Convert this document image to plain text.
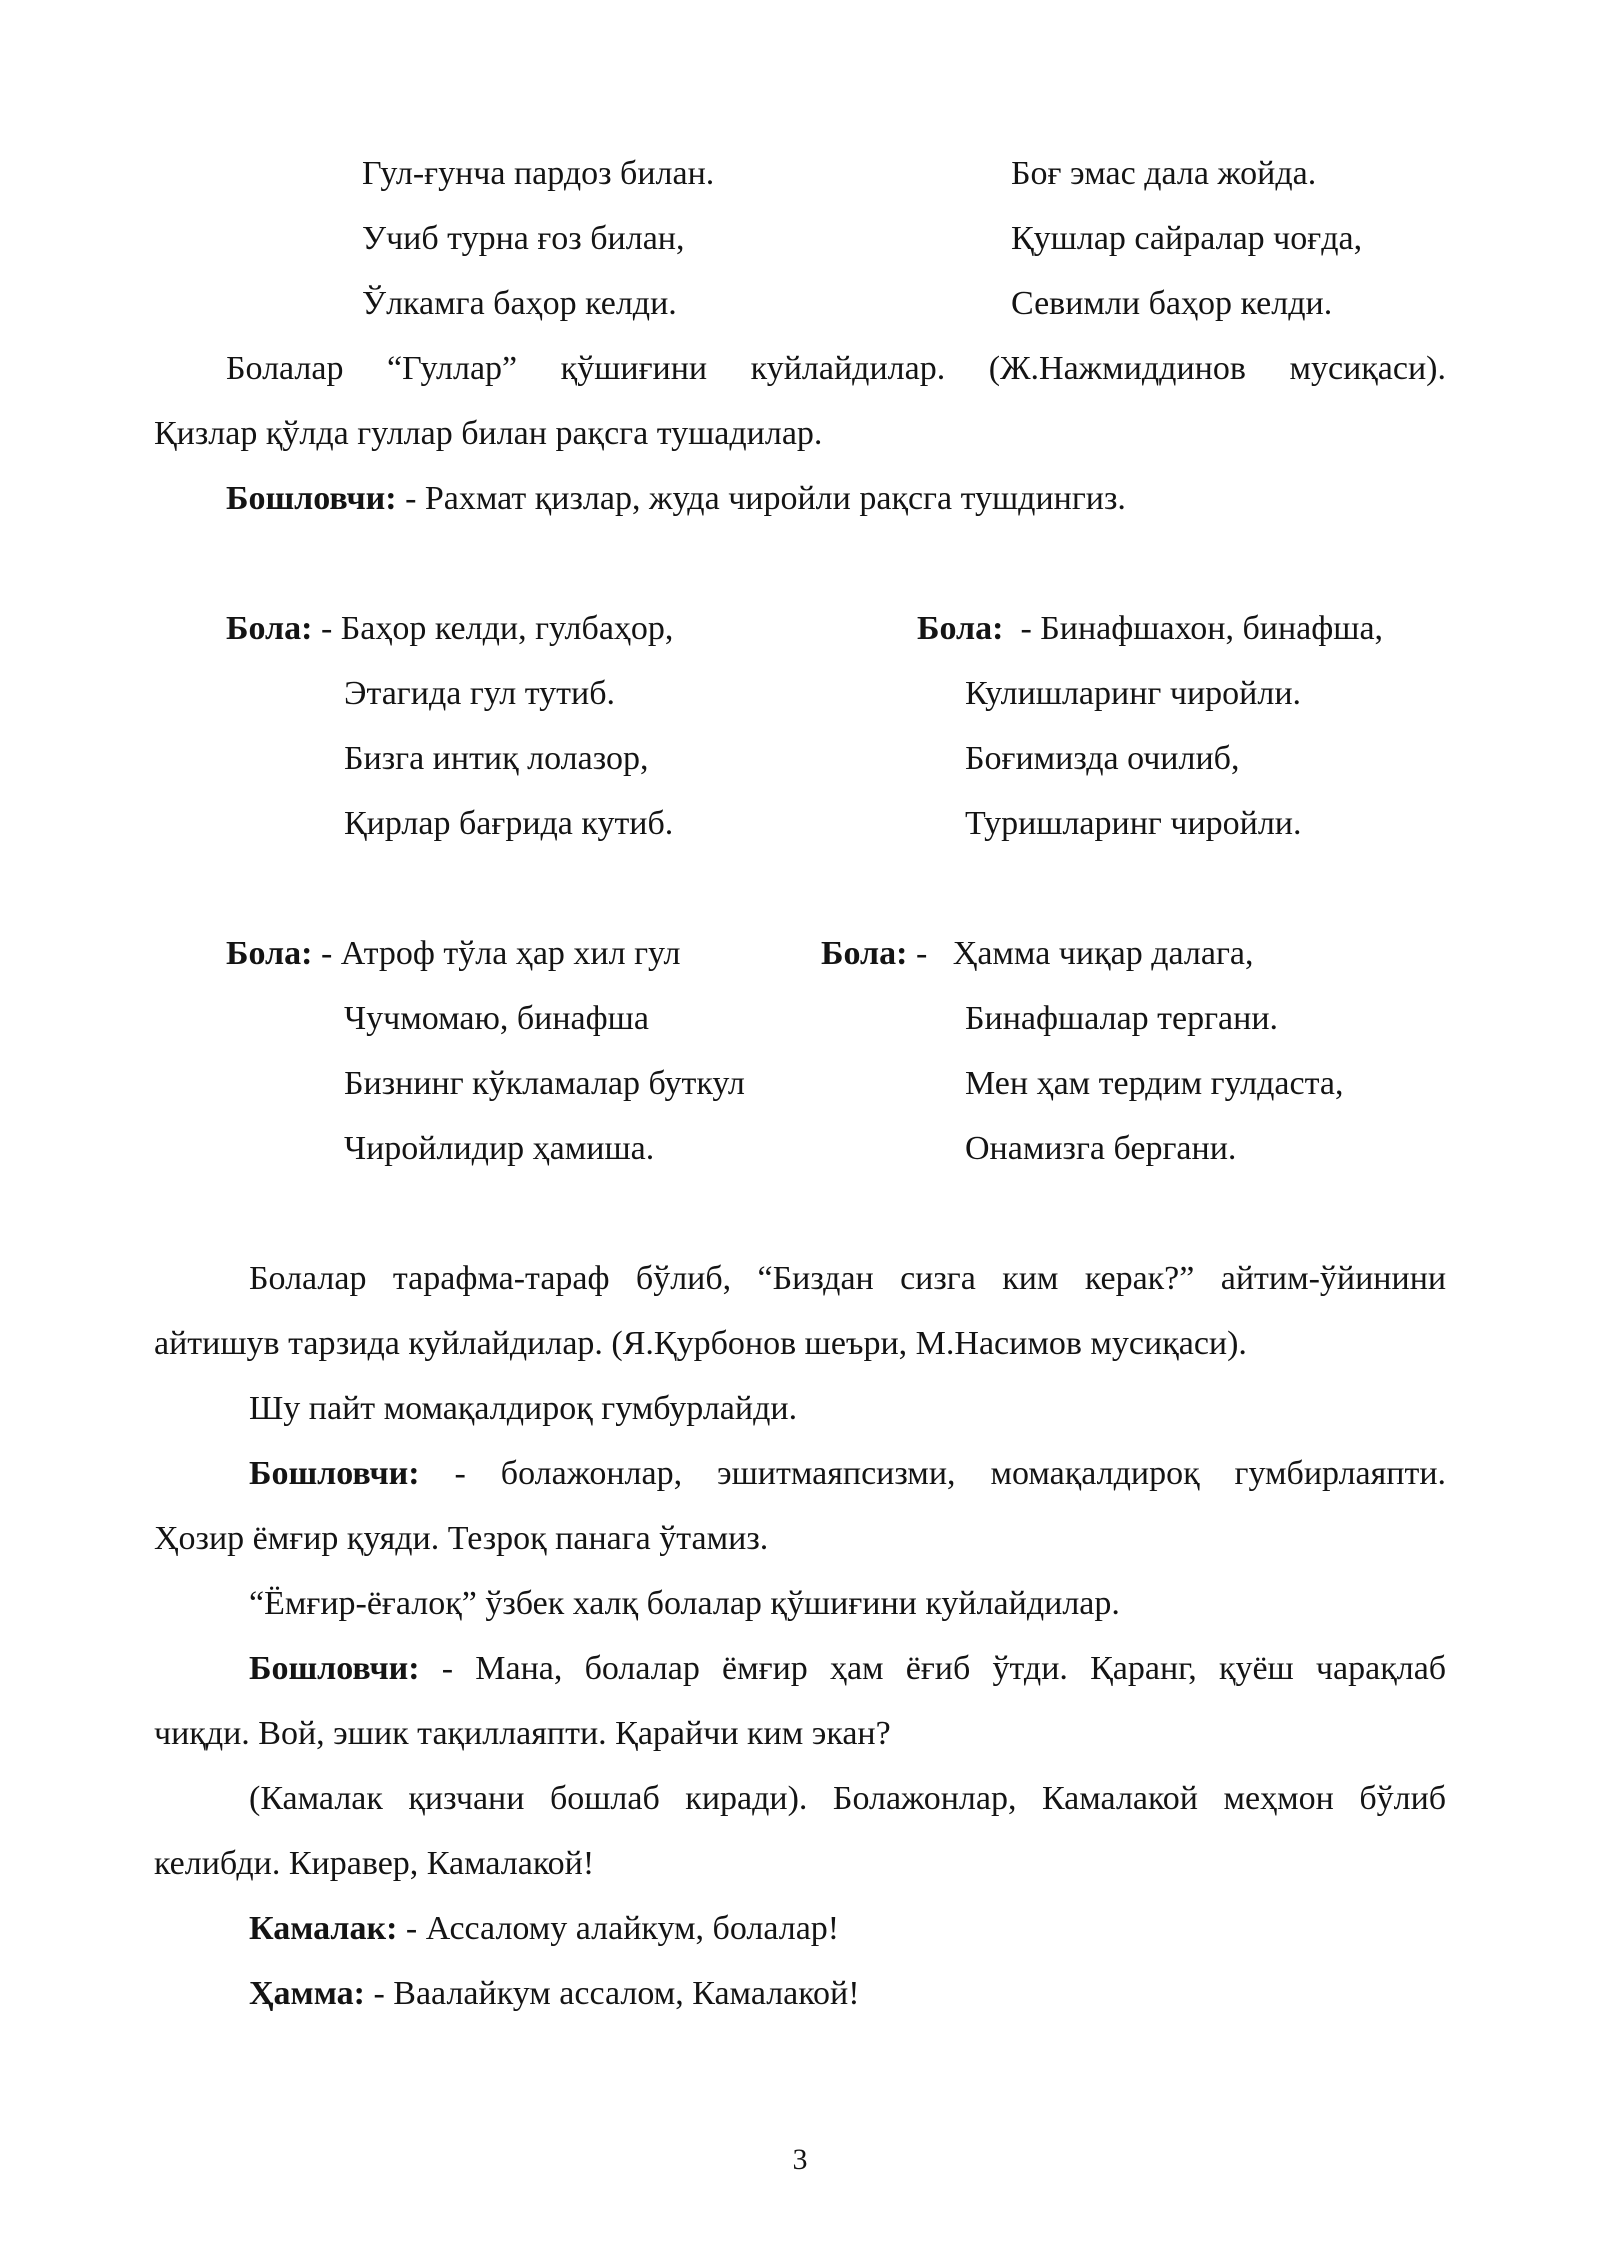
Гул-ғунча пардоз билан.
Учиб турна ғоз билан,
Ўлкамга баҳор келди.
Боғ эмас дала жойда.
Қушлар сайралар чоғда,
Севимли баҳор келди.
Болалар “Гуллар” қўшиғини куйлайдилар. (Ж.Нажмиддинов мусиқаси).
Қизлар қўлда гуллар билан рақсга тушадилар.
Бошловчи: - Рахмат қизлар, жуда чиройли рақсга тушдингиз.
Бола: - Баҳор келди, гулбаҳор,
Этагида гул тутиб.
Бизга интиқ лолазор,
Қирлар бағрида кутиб.
Бола:  - Бинафшахон, бинафша,
Кулишларинг чиройли.
Боғимизда очилиб,
Туришларинг чиройли.
Бола: - Атроф тўла ҳар хил гул
Чучмомаю, бинафша
Бизнинг кўкламалар буткул
Чиройлидир ҳамиша.
Бола: -   Ҳамма чиқар далага,
Бинафшалар тергани.
Мен ҳам тердим гулдаста,
Онамизга бергани.
Болалар тарафма-тараф бўлиб, “Биздан сизга ким керак?” айтим-ўйинини
айтишув тарзида куйлайдилар. (Я.Қурбонов шеъри, М.Насимов мусиқаси).
Шу пайт момақалдироқ гумбурлайди.
Бошловчи: - болажонлар, эшитмаяпсизми, момақалдироқ гумбирлаяпти.
Ҳозир ёмғир қуяди. Тезроқ панага ўтамиз.
“Ёмғир-ёғалоқ” ўзбек халқ болалар қўшиғини куйлайдилар.
Бошловчи: - Мана, болалар ёмғир ҳам ёғиб ўтди. Қаранг, қуёш чарақлаб
чиқди. Вой, эшик тақиллаяпти. Қарайчи ким экан?
(Камалак қизчани бошлаб киради). Болажонлар, Камалакой меҳмон бўлиб
келибди. Киравер, Камалакой!
Камалак: - Ассалому алайкум, болалар!
Ҳамма: - Ваалайкум ассалом, Камалакой!
3
